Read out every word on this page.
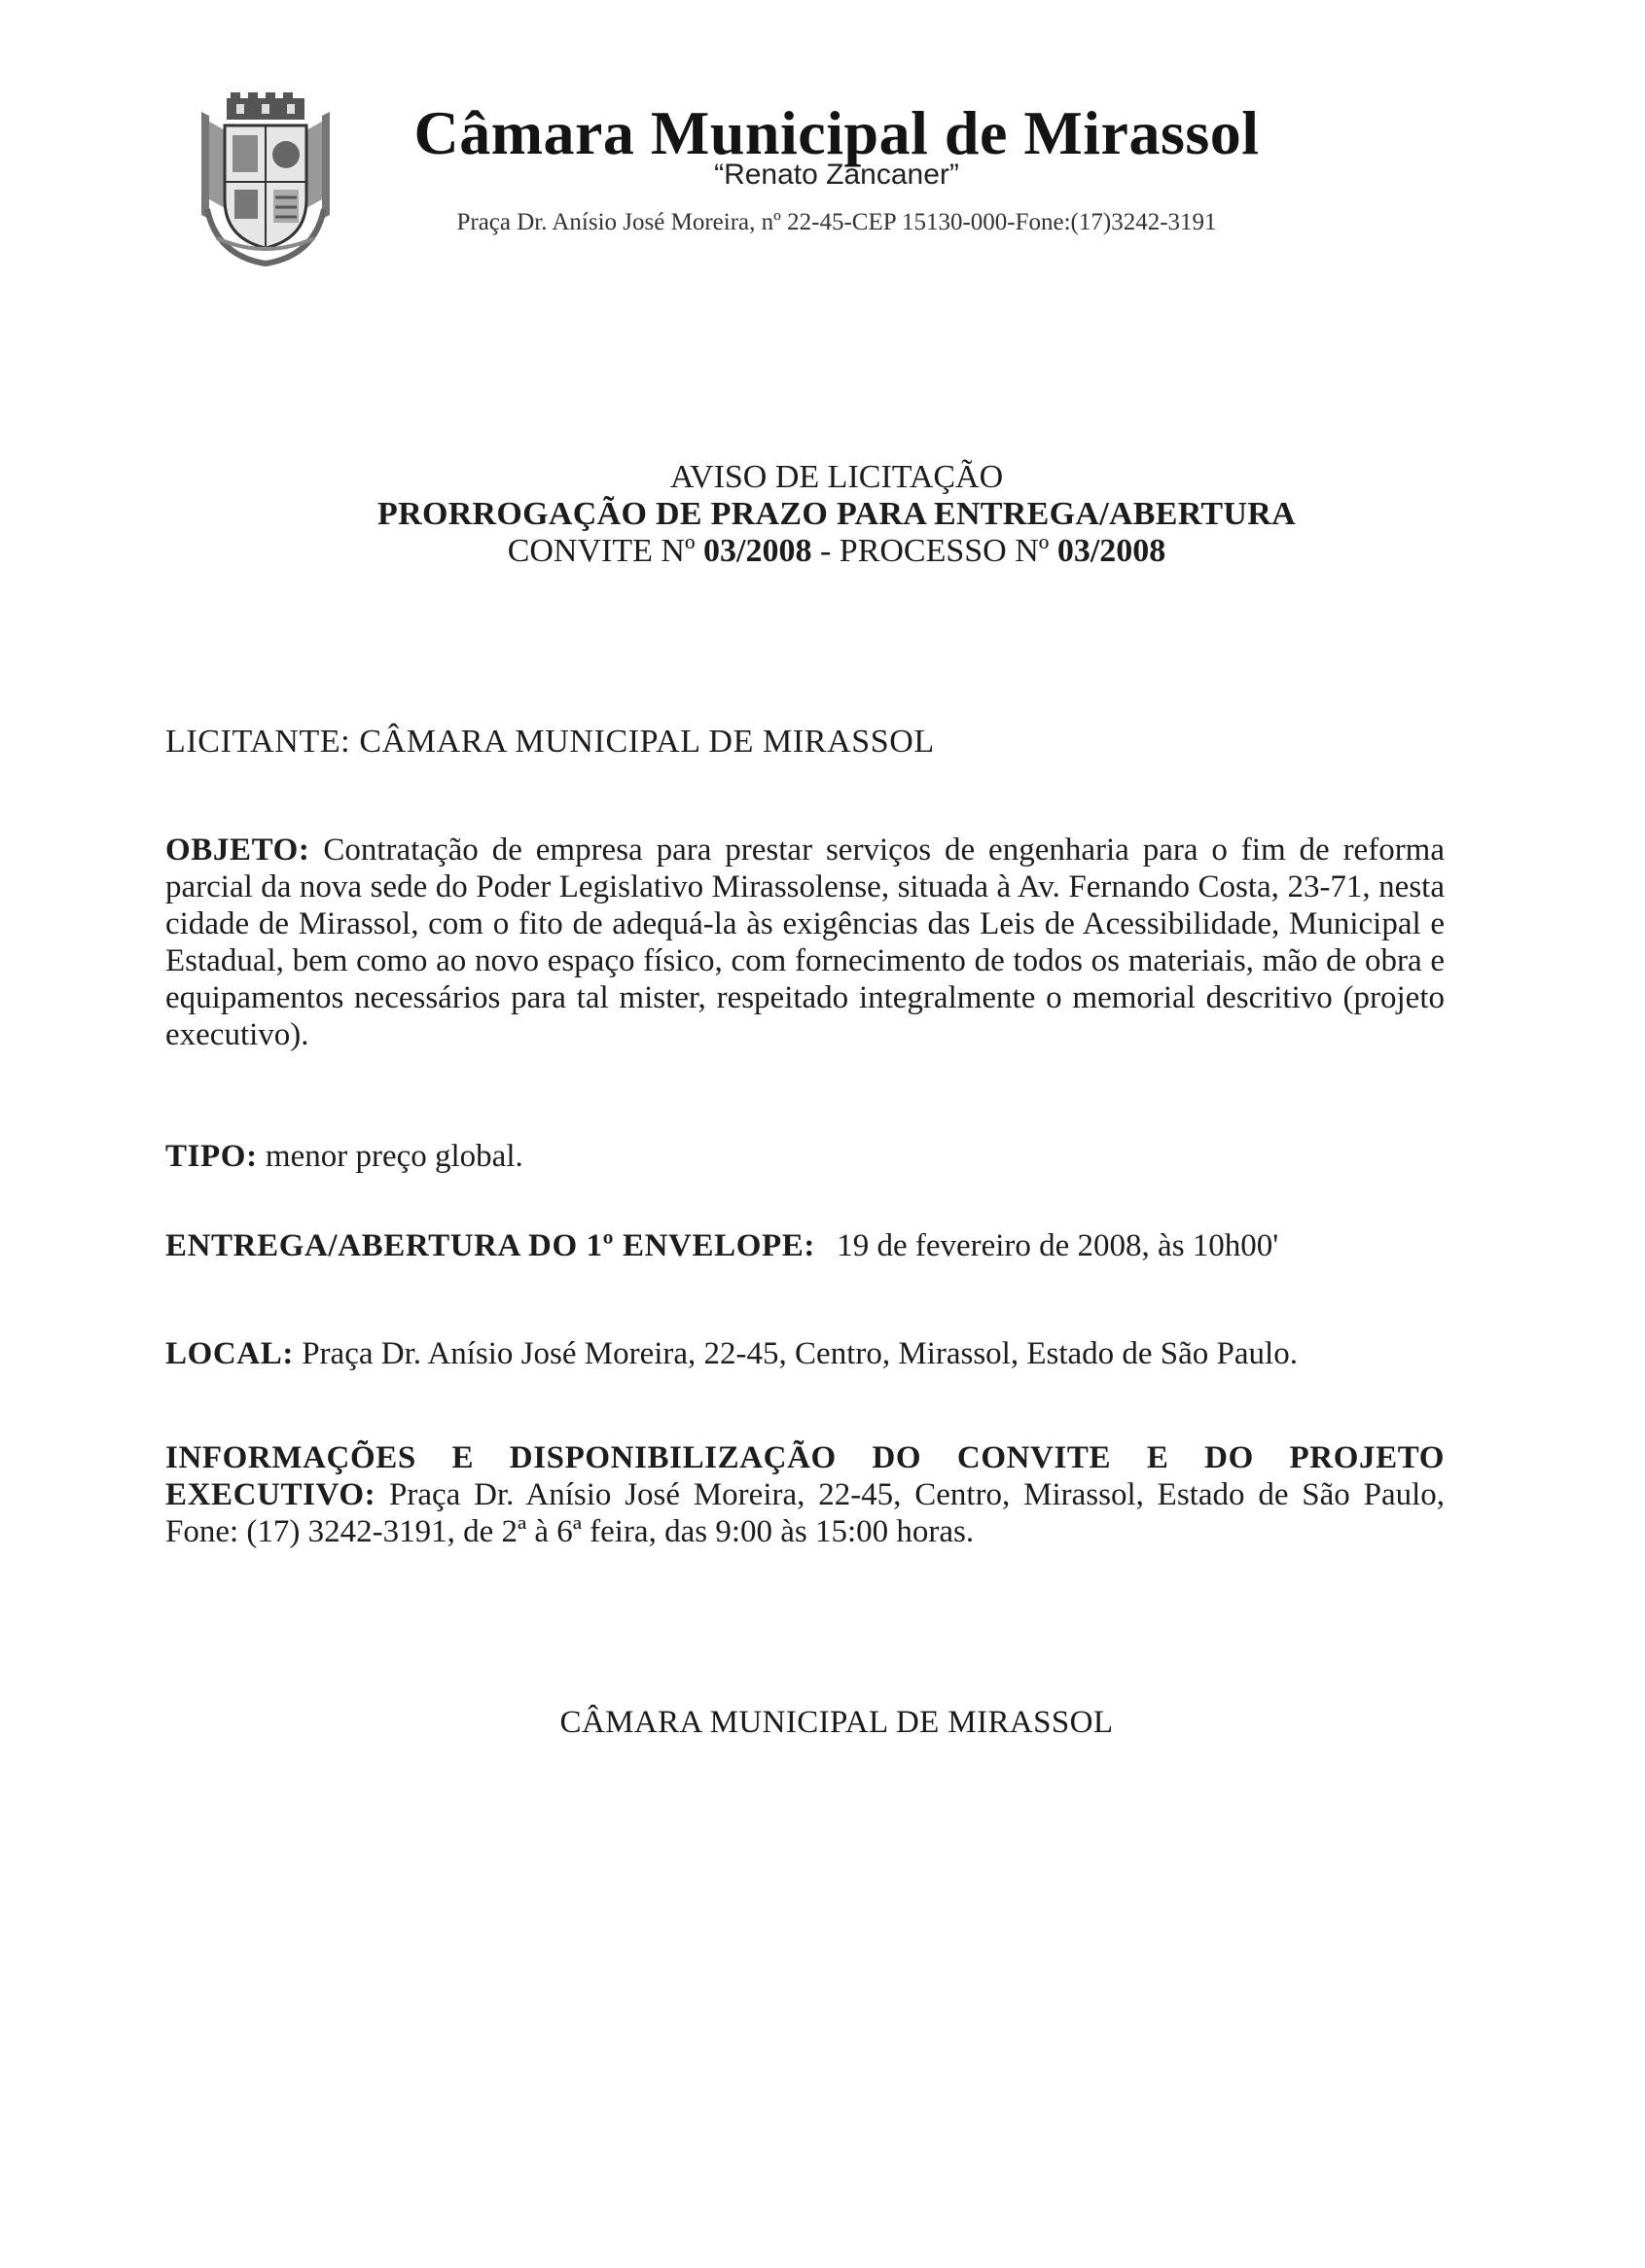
Câmara Municipal de Mirassol
“Renato Zancaner”
Praça Dr. Anísio José Moreira, nº 22-45-CEP 15130-000-Fone:(17)3242-3191
AVISO DE LICITAÇÃO
PRORROGAÇÃO DE PRAZO PARA ENTREGA/ABERTURA
CONVITE Nº 03/2008 - PROCESSO Nº 03/2008
LICITANTE: CÂMARA MUNICIPAL DE MIRASSOL
OBJETO: Contratação de empresa para prestar serviços de engenharia para o fim de reforma parcial da nova sede do Poder Legislativo Mirassolense, situada à Av. Fernando Costa, 23-71, nesta cidade de Mirassol, com o fito de adequá-la às exigências das Leis de Acessibilidade, Municipal e Estadual, bem como ao novo espaço físico, com fornecimento de todos os materiais, mão de obra e equipamentos necessários para tal mister, respeitado integralmente o memorial descritivo (projeto executivo).
TIPO: menor preço global.
ENTREGA/ABERTURA DO 1º ENVELOPE: 19 de fevereiro de 2008, às 10h00'
LOCAL: Praça Dr. Anísio José Moreira, 22-45, Centro, Mirassol, Estado de São Paulo.
INFORMAÇÕES E DISPONIBILIZAÇÃO DO CONVITE E DO PROJETO EXECUTIVO: Praça Dr. Anísio José Moreira, 22-45, Centro, Mirassol, Estado de São Paulo, Fone: (17) 3242-3191, de 2ª à 6ª feira, das 9:00 às 15:00 horas.
CÂMARA MUNICIPAL DE MIRASSOL
